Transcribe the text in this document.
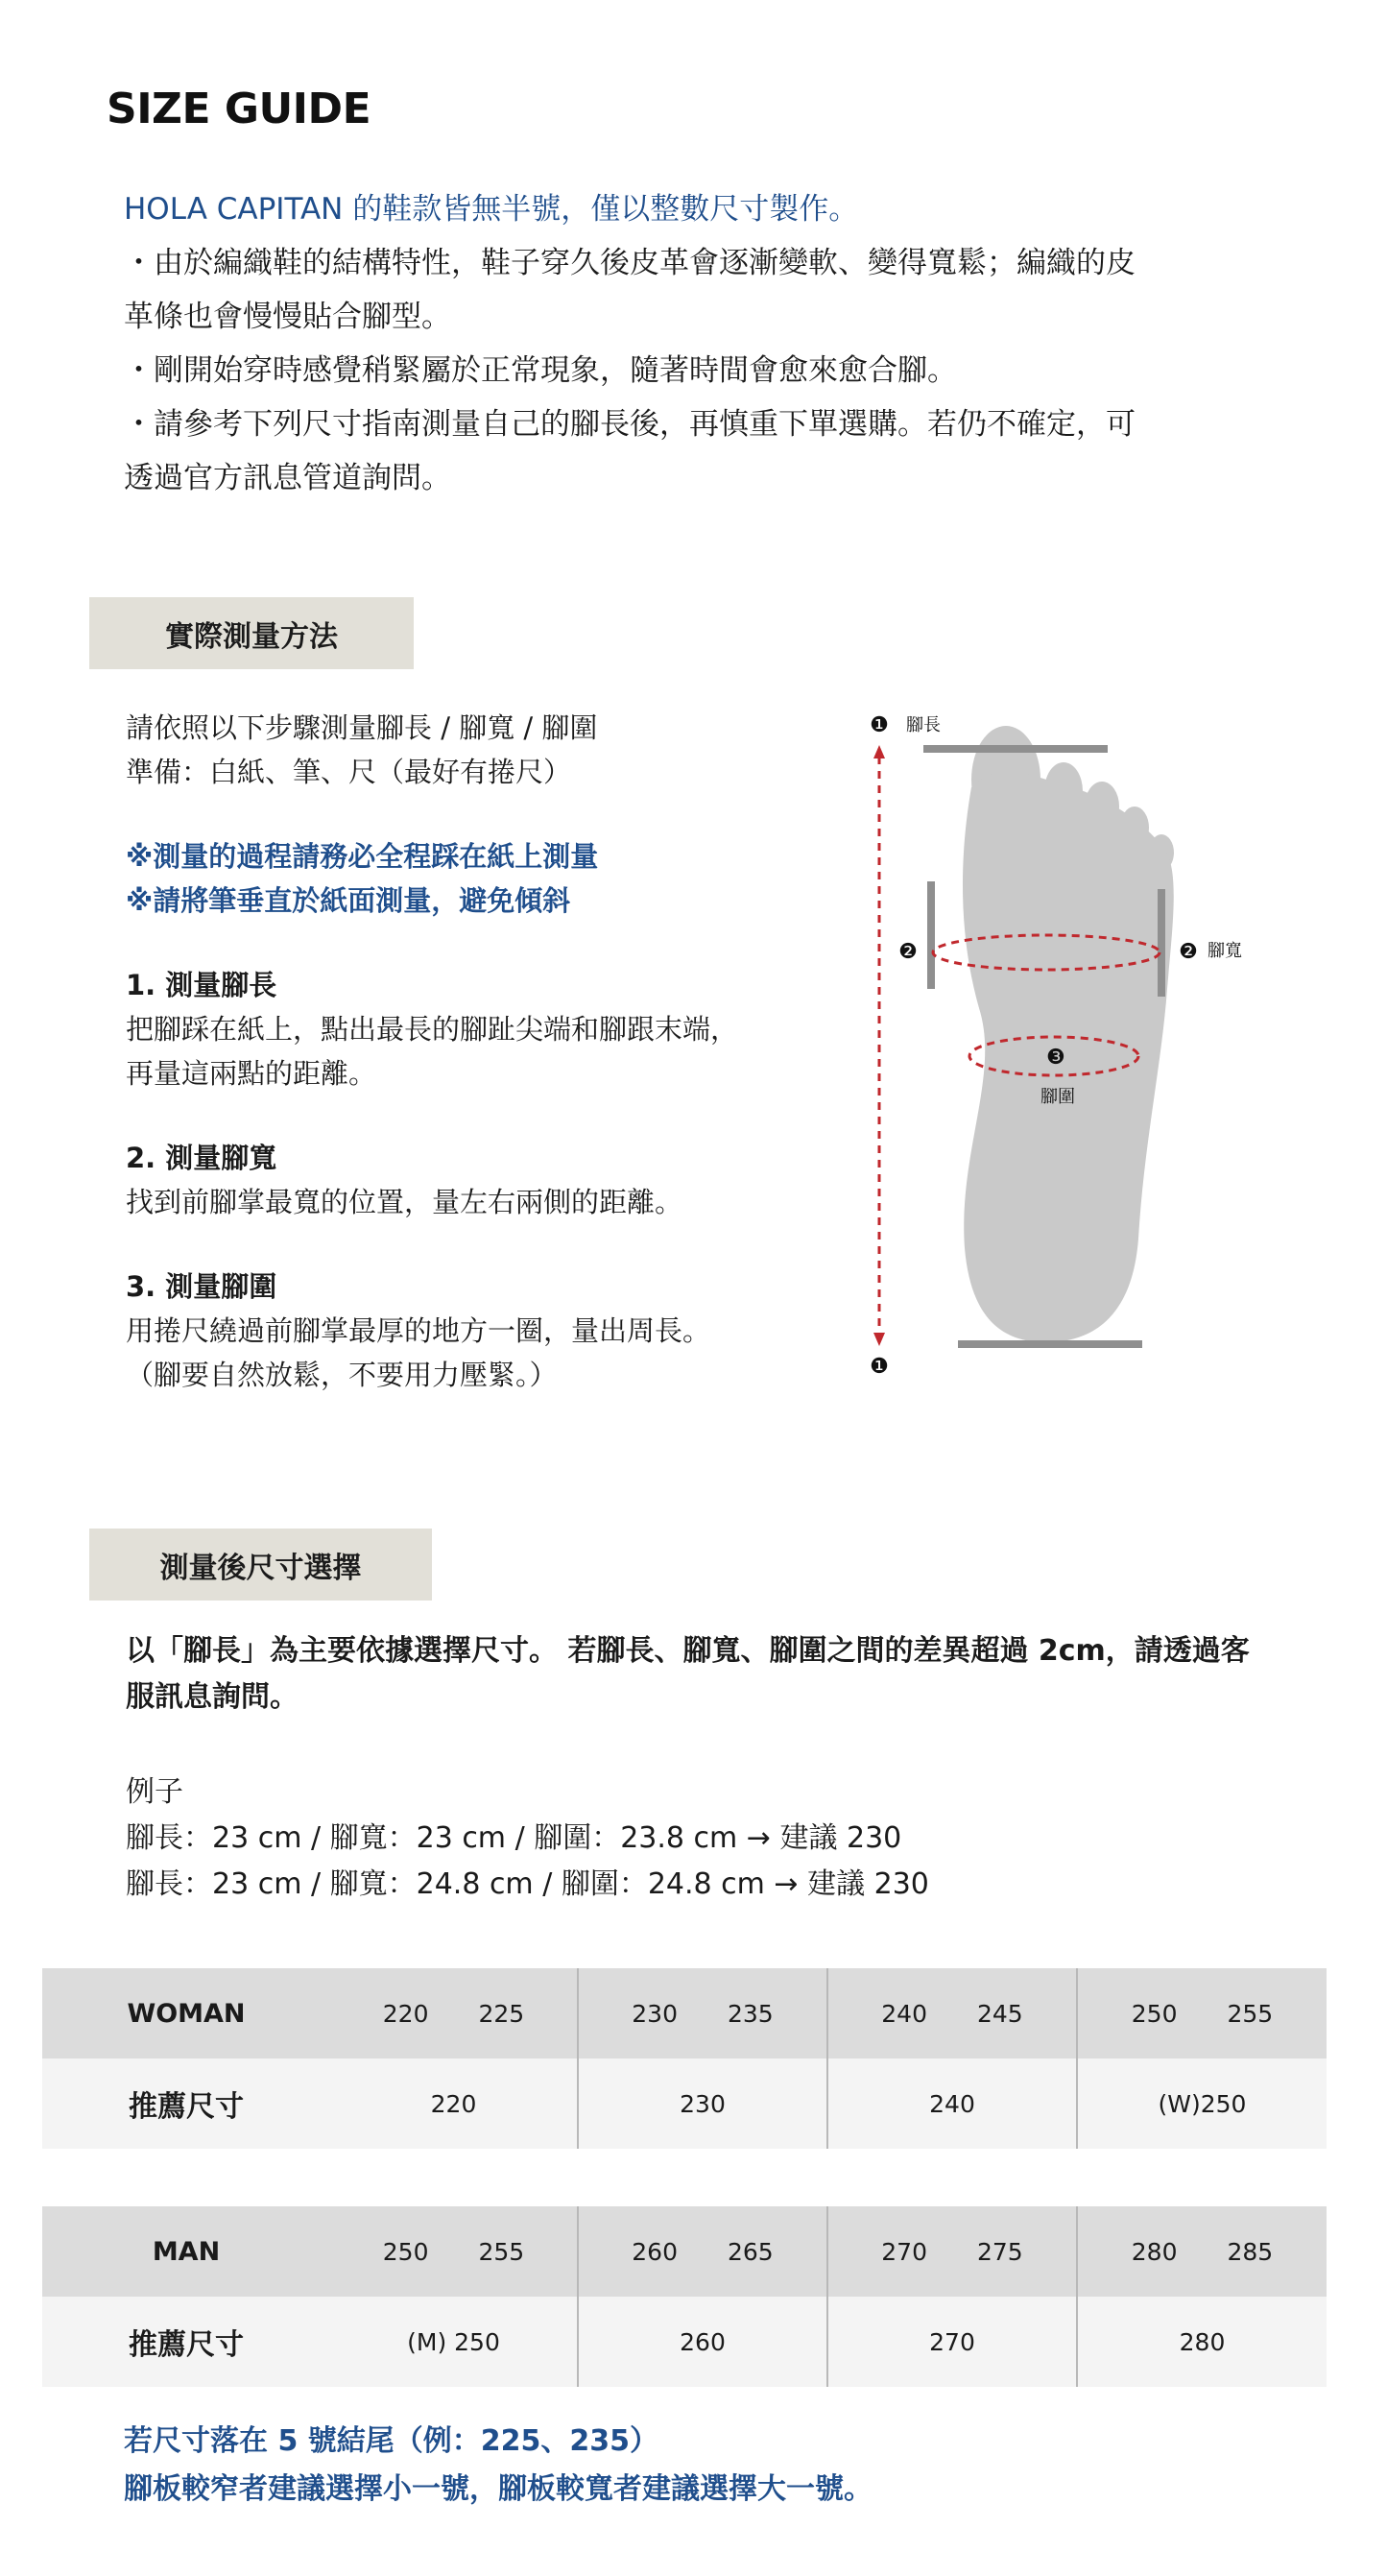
SIZE GUIDE
HOLA CAPITAN 的鞋款皆無半號，僅以整數尺寸製作。
・由於編織鞋的結構特性，鞋子穿久後皮革會逐漸變軟、變得寬鬆；編織的皮
革條也會慢慢貼合腳型。
・剛開始穿時感覺稍緊屬於正常現象，隨著時間會愈來愈合腳。
・請參考下列尺寸指南測量自己的腳長後，再慎重下單選購。若仍不確定，可
透過官方訊息管道詢問。
實際測量方法
請依照以下步驟測量腳長 / 腳寬 / 腳圍
準備：白紙、筆、尺（最好有捲尺）
※測量的過程請務必全程踩在紙上測量
※請將筆垂直於紙面測量，避免傾斜
1. 測量腳長
把腳踩在紙上，點出最長的腳趾尖端和腳跟末端，
再量這兩點的距離。
2. 測量腳寬
找到前腳掌最寬的位置，量左右兩側的距離。
3. 測量腳圍
用捲尺繞過前腳掌最厚的地方一圈，量出周長。
（腳要自然放鬆，不要用力壓緊。）
❶ 腳長
❶
❷	❷ 腳寬
❸
腳圍
測量後尺寸選擇
以「腳長」為主要依據選擇尺寸。 若腳長、腳寬、腳圍之間的差異超過 2cm，請透過客
服訊息詢問。
例子
腳長：23 cm / 腳寬：23 cm / 腳圍：23.8 cm → 建議 230
腳長：23 cm / 腳寬：24.8 cm / 腳圍：24.8 cm → 建議 230
WOMAN	220 225	230 235	240 245	250 255

推薦尺寸	220	230	240	(W)250
MAN	250 255	260 265	270 275	280 285

推薦尺寸	(M) 250	260	270	280
若尺寸落在 5 號結尾（例：225、235）
腳板較窄者建議選擇小一號，腳板較寬者建議選擇大一號。
